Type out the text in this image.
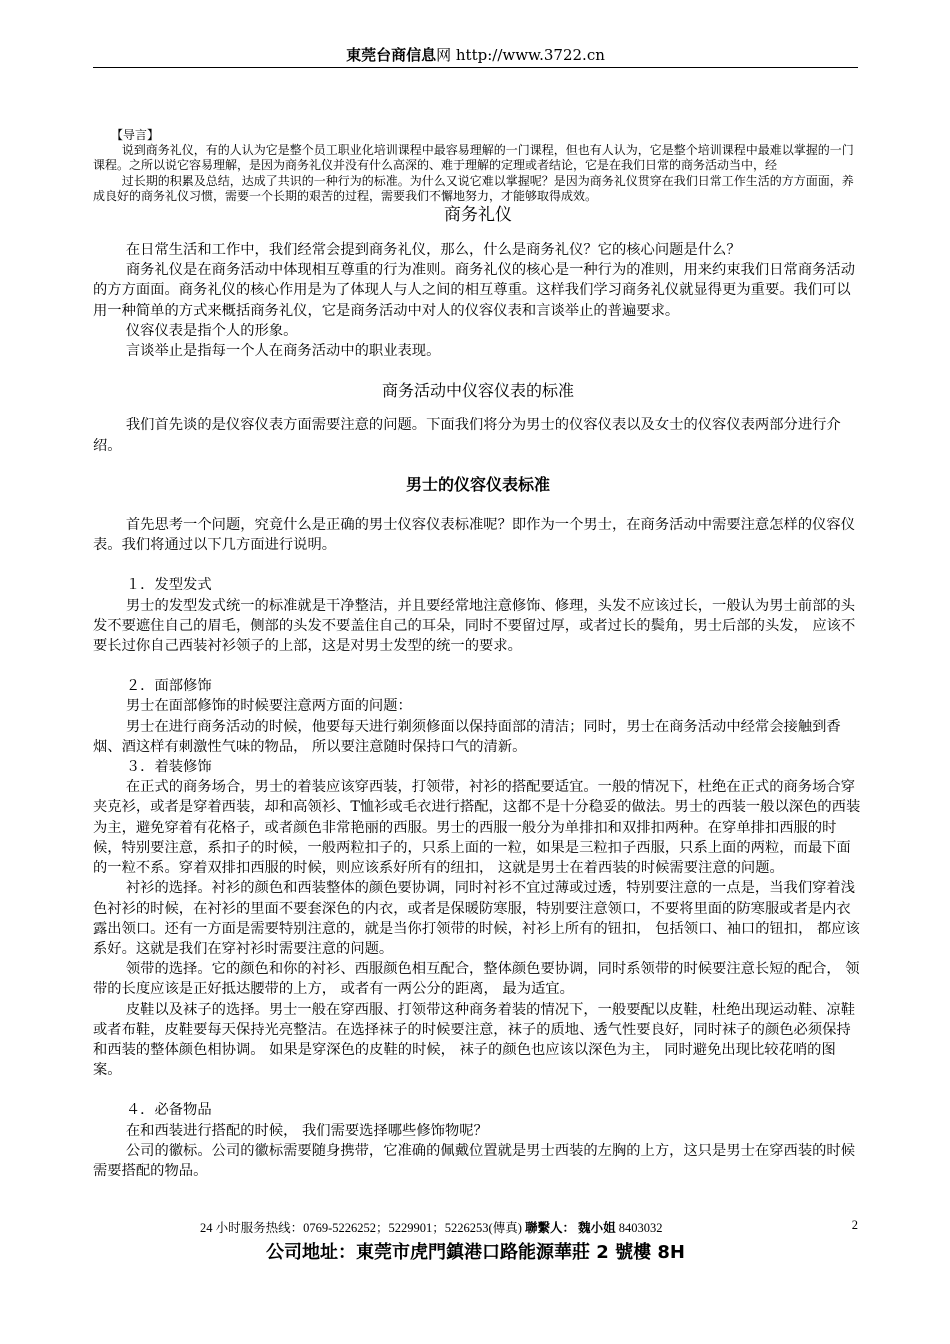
東莞台商信息网 http://www.3722.cn

【导言】

说到商务礼仪，有的人认为它是整个员工职业化培训课程中最容易理解的一门课程，但也有人认为，它是整个培训课程中最难以掌握的一门课程。之所以说它容易理解，是因为商务礼仪并没有什么高深的、难于理解的定理或者结论，它是在我们日常的商务活动当中，经

过长期的积累及总结，达成了共识的一种行为的标准。为什么又说它难以掌握呢？是因为商务礼仪贯穿在我们日常工作生活的方方面面，养成良好的商务礼仪习惯，需要一个长期的艰苦的过程，需要我们不懈地努力，才能够取得成效。

商务礼仪

在日常生活和工作中，我们经常会提到商务礼仪，那么，什么是商务礼仪？它的核心问题是什么？

商务礼仪是在商务活动中体现相互尊重的行为准则。商务礼仪的核心是一种行为的准则，用来约束我们日常商务活动的方方面面。商务礼仪的核心作用是为了体现人与人之间的相互尊重。这样我们学习商务礼仪就显得更为重要。我们可以用一种简单的方式来概括商务礼仪，它是商务活动中对人的仪容仪表和言谈举止的普遍要求。

仪容仪表是指个人的形象。

言谈举止是指每一个人在商务活动中的职业表现。

商务活动中仪容仪表的标准

我们首先谈的是仪容仪表方面需要注意的问题。下面我们将分为男士的仪容仪表以及女士的仪容仪表两部分进行介绍。

男士的仪容仪表标准

首先思考一个问题，究竟什么是正确的男士仪容仪表标准呢？即作为一个男士，在商务活动中需要注意怎样的仪容仪表。我们将通过以下几方面进行说明。

１．发型发式

男士的发型发式统一的标准就是干净整洁，并且要经常地注意修饰、修理，头发不应该过长，一般认为男士前部的头发不要遮住自己的眉毛，侧部的头发不要盖住自己的耳朵，同时不要留过厚，或者过长的鬓角，男士后部的头发， 应该不要长过你自己西装衬衫领子的上部，这是对男士发型的统一的要求。

２．面部修饰

男士在面部修饰的时候要注意两方面的问题：

男士在进行商务活动的时候，他要每天进行剃须修面以保持面部的清洁；同时，男士在商务活动中经常会接触到香烟、酒这样有刺激性气味的物品， 所以要注意随时保持口气的清新。

３．着装修饰

在正式的商务场合，男士的着装应该穿西装，打领带，衬衫的搭配要适宜。一般的情况下，杜绝在正式的商务场合穿夹克衫，或者是穿着西装，却和高领衫、T恤衫或毛衣进行搭配，这都不是十分稳妥的做法。男士的西装一般以深色的西装为主，避免穿着有花格子，或者颜色非常艳丽的西服。男士的西服一般分为单排扣和双排扣两种。在穿单排扣西服的时候，特别要注意，系扣子的时候，一般两粒扣子的，只系上面的一粒，如果是三粒扣子西服，只系上面的两粒，而最下面的一粒不系。穿着双排扣西服的时候，则应该系好所有的纽扣， 这就是男士在着西装的时候需要注意的问题。

衬衫的选择。衬衫的颜色和西装整体的颜色要协调，同时衬衫不宜过薄或过透，特别要注意的一点是，当我们穿着浅色衬衫的时候，在衬衫的里面不要套深色的内衣，或者是保暖防寒服，特别要注意领口，不要将里面的防寒服或者是内衣露出领口。还有一方面是需要特别注意的，就是当你打领带的时候，衬衫上所有的钮扣， 包括领口、袖口的钮扣， 都应该系好。这就是我们在穿衬衫时需要注意的问题。

领带的选择。它的颜色和你的衬衫、西服颜色相互配合，整体颜色要协调，同时系领带的时候要注意长短的配合， 领带的长度应该是正好抵达腰带的上方， 或者有一两公分的距离， 最为适宜。

皮鞋以及袜子的选择。男士一般在穿西服、打领带这种商务着装的情况下，一般要配以皮鞋，杜绝出现运动鞋、凉鞋或者布鞋，皮鞋要每天保持光亮整洁。在选择袜子的时候要注意，袜子的质地、透气性要良好，同时袜子的颜色必须保持和西装的整体颜色相协调。 如果是穿深色的皮鞋的时候， 袜子的颜色也应该以深色为主， 同时避免出现比较花哨的图案。

４．必备物品

在和西装进行搭配的时候， 我们需要选择哪些修饰物呢？

公司的徽标。公司的徽标需要随身携带，它准确的佩戴位置就是男士西装的左胸的上方，这只是男士在穿西装的时候需要搭配的物品。

24 小时服务热线：0769-5226252；5229901；5226253(傳真) 聯繫人： 魏小姐 8403032	2
公司地址：東莞市虎門鎮港口路能源華莊 2 號樓 8H
